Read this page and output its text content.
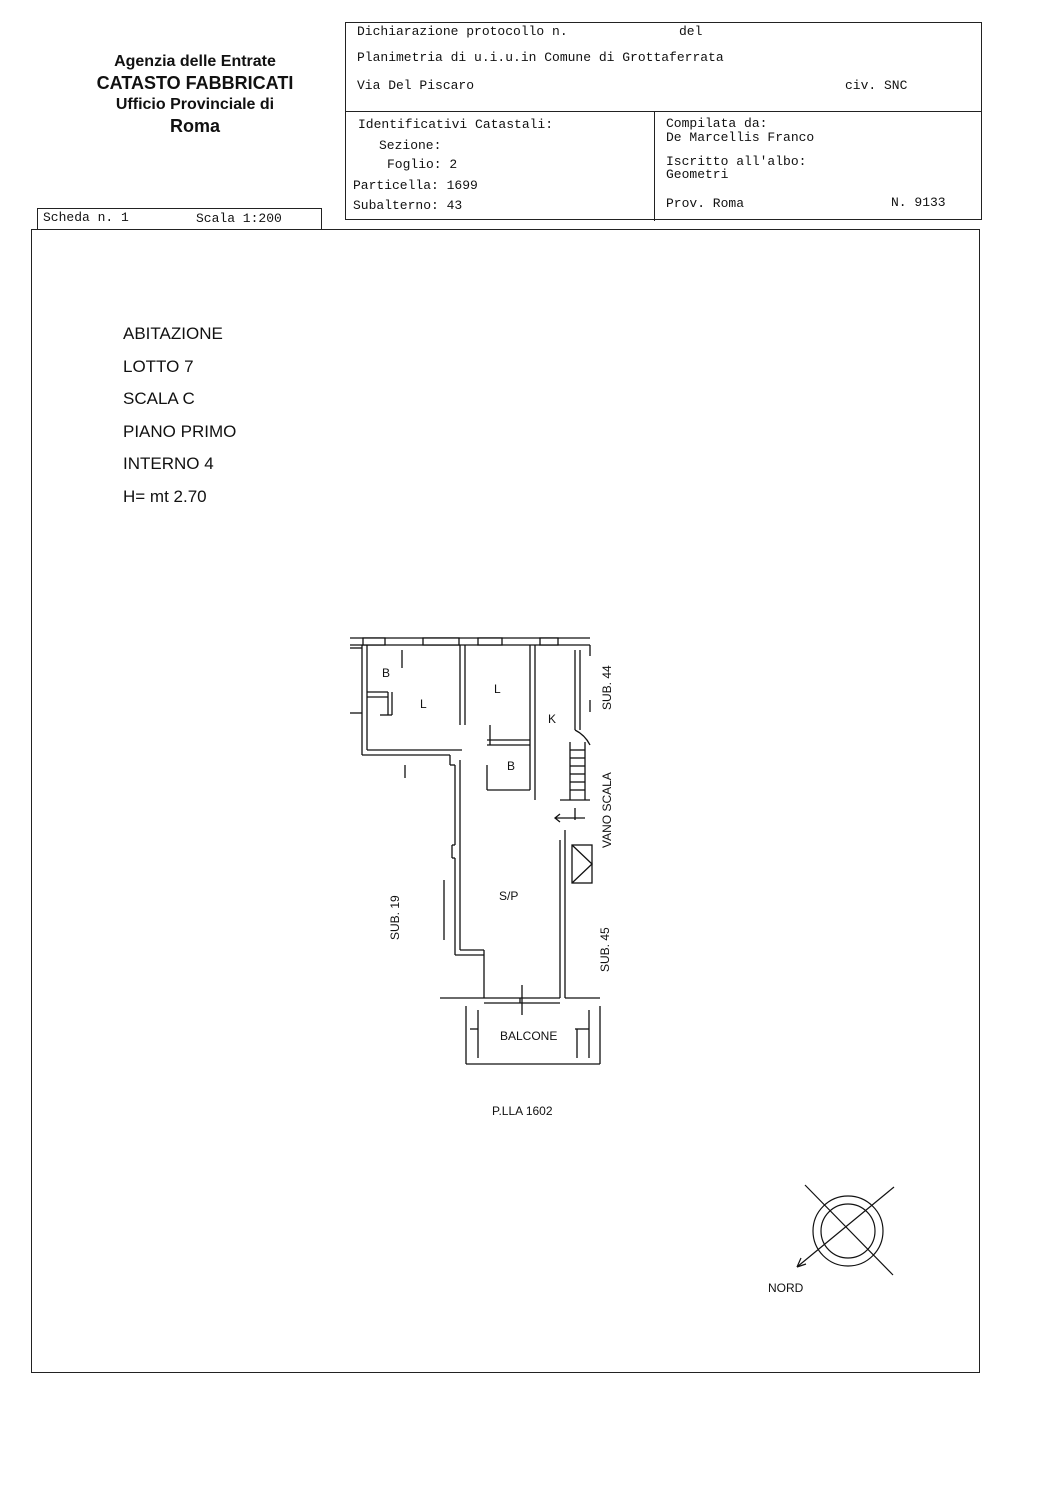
Agenzia delle Entrate
CATASTO FABBRICATI
Ufficio Provinciale di
Roma
Dichiarazione protocollo n.	del
Planimetria di u.i.u.in Comune di Grottaferrata
Via Del Piscaro	civ. SNC
Identificativi Catastali:
Sezione:
Foglio: 2
Particella: 1699
Subalterno: 43
Compilata da:
De Marcellis Franco
Iscritto all'albo:
Geometri
Prov. Roma	N. 9133
Scheda n. 1	Scala 1:200
ABITAZIONE
LOTTO 7
SCALA C
PIANO PRIMO
INTERNO 4
H= mt 2.70
B
L
L
K
B
S/P
BALCONE
SUB. 44
VANO SCALA
SUB. 19
SUB. 45
P.LLA 1602
NORD
